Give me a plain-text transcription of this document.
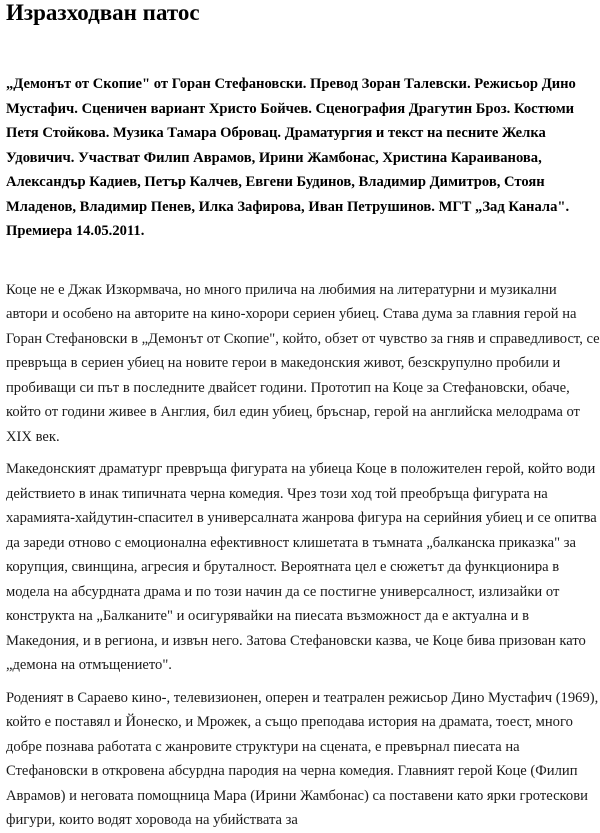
Изразходван патос

„Демонът от Скопие" от Горан Стефановски. Превод Зоран Талевски. Режисьор Дино Мустафич. Сценичен вариант Христо Бойчев. Сценография Драгутин Броз. Костюми Петя Стойкова. Музика Тамара Обровац. Драматургия и текст на песните Желка Удовичич. Участват Филип Аврамов, Ирини Жамбонас, Христина Караиванова, Александър Кадиев, Петър Калчев, Евгени Будинов, Владимир Димитров, Стоян Младенов, Владимир Пенев, Илка Зафирова, Иван Петрушинов. МГТ „Зад Канала". Премиера 14.05.2011.

Коце не е Джак Изкормвача, но много прилича на любимия на литературни и музикални автори и особено на авторите на кино-хорори сериен убиец. Става дума за главния герой на Горан Стефановски в „Демонът от Скопие", който, обзет от чувство за гняв и справедливост, се превръща в сериен убиец на новите герои в македонския живот, безскрупулно пробили и пробиващи си път в последните двайсет години. Прототип на Коце за Стефановски, обаче, който от години живее в Англия, бил един убиец, бръснар, герой на английска мелодрама от XIX век.

Македонският драматург превръща фигурата на убиеца Коце в положителен герой, който води действието в инак типичната черна комедия. Чрез този ход той преобръща фигурата на харамията-хайдутин-спасител в универсалната жанрова фигура на серийния убиец и се опитва да зареди отново с емоционална ефективност клишетата в тъмната „балканска приказка" за корупция, свинщина, агресия и бруталност. Вероятната цел е сюжетът да функционира в модела на абсурдната драма и по този начин да се постигне универсалност, излизайки от конструкта на „Балканите" и осигурявайки на пиесата възможност да е актуална и в Македония, и в региона, и извън него. Затова Стефановски казва, че Коце бива призован като „демона на отмъщението".

Роденият в Сараево кино-, телевизионен, оперен и театрален режисьор Дино Мустафич (1969), който е поставял и Йонеско, и Мрожек, а също преподава история на драмата, тоест, много добре познава работата с жанровите структури на сцената, е превърнал пиесата на Стефановски в откровена абсурдна пародия на черна комедия. Главният герой Коце (Филип Аврамов) и неговата помощница Мара (Ирини Жамбонас) са поставени като ярки гротескови фигури, които водят хоровода на убийствата за
